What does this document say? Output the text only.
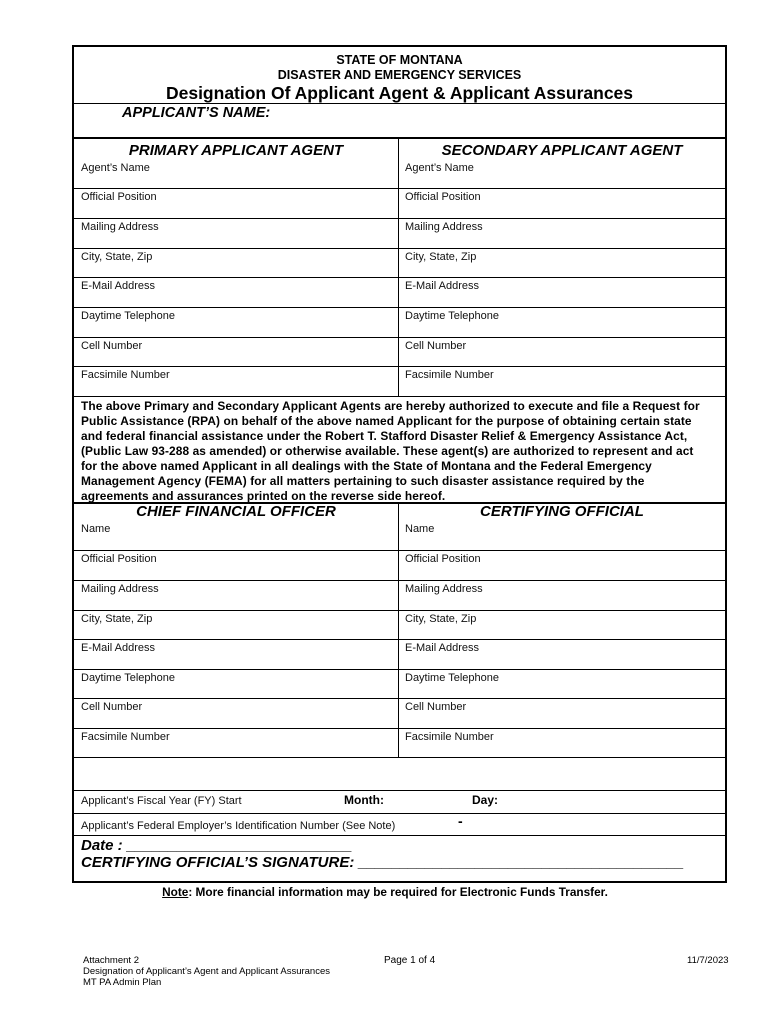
STATE OF MONTANA
DISASTER AND EMERGENCY SERVICES
Designation Of Applicant Agent & Applicant Assurances
APPLICANT’S NAME:
PRIMARY APPLICANT AGENT	SECONDARY APPLICANT AGENT
Agent’s Name	Agent’s Name
Official Position	Official Position
Mailing Address	Mailing Address
City, State, Zip	City, State, Zip
E-Mail Address	E-Mail Address
Daytime Telephone	Daytime Telephone
Cell Number	Cell Number
Facsimile Number	Facsimile Number
The above Primary and Secondary Applicant Agents are hereby authorized to execute and file a Request for
Public Assistance (RPA) on behalf of the above named Applicant for the purpose of obtaining certain state
and federal financial assistance under the Robert T. Stafford Disaster Relief & Emergency Assistance Act,
(Public Law 93-288 as amended) or otherwise available. These agent(s) are authorized to represent and act
for the above named Applicant in all dealings with the State of Montana and the Federal Emergency
Management Agency (FEMA) for all matters pertaining to such disaster assistance required by the
agreements and assurances printed on the reverse side hereof.
CHIEF FINANCIAL OFFICER	CERTIFYING OFFICIAL
Name	Name
Official Position	Official Position
Mailing Address	Mailing Address
City, State, Zip	City, State, Zip
E-Mail Address	E-Mail Address
Daytime Telephone	Daytime Telephone
Cell Number	Cell Number
Facsimile Number	Facsimile Number
Applicant’s Fiscal Year (FY) Start	Month:	Day:
Applicant’s Federal Employer’s Identification Number (See Note)	-
Date : ___________________________
CERTIFYING OFFICIAL’S SIGNATURE: _______________________________________
Note: More financial information may be required for Electronic Funds Transfer.
Attachment 2
Designation of Applicant’s Agent and Applicant Assurances
MT PA Admin Plan
Page 1 of 4	11/7/2023
